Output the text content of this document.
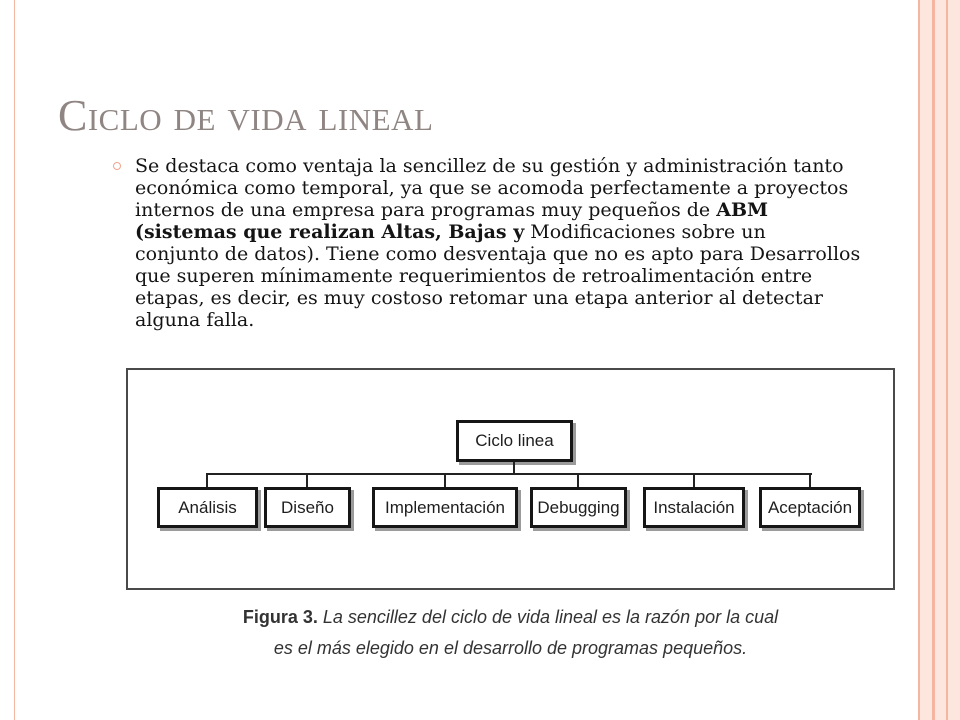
Ciclo de vida lineal
Se destaca como ventaja la sencillez de su gestión y administración tanto
económica como temporal, ya que se acomoda perfectamente a proyectos
internos de una empresa para programas muy pequeños de ABM
(sistemas que realizan Altas, Bajas y Modificaciones sobre un
conjunto de datos). Tiene como desventaja que no es apto para Desarrollos
que superen mínimamente requerimientos de retroalimentación entre
etapas, es decir, es muy costoso retomar una etapa anterior al detectar
alguna falla.
Ciclo linea
Análisis	Diseño	Implementación	Debugging	Instalación	Aceptación
Figura 3. La sencillez del ciclo de vida lineal es la razón por la cual
es el más elegido en el desarrollo de programas pequeños.
